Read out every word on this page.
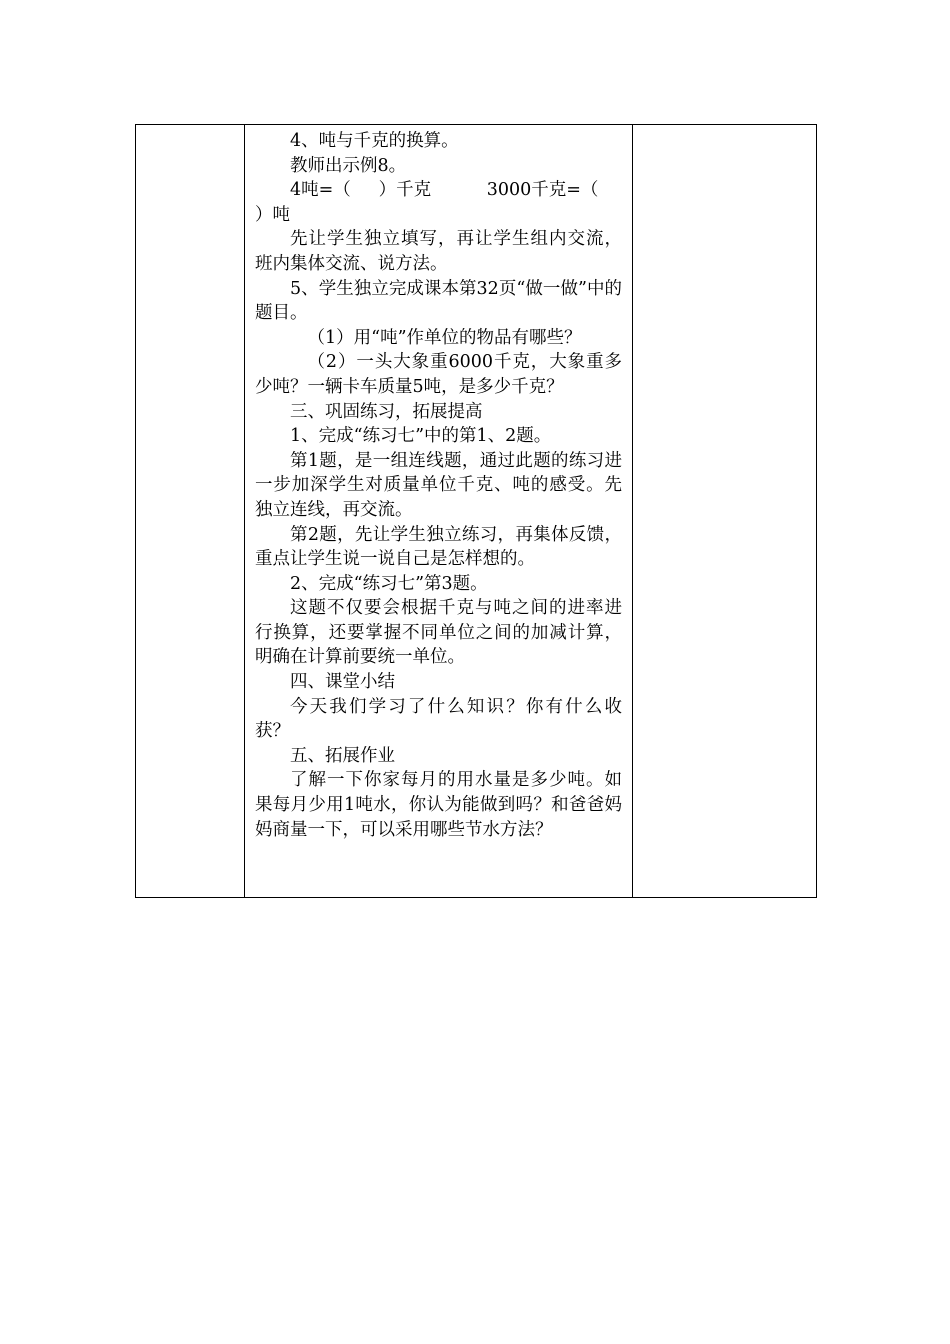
4、吨与千克的换算。

教师出示例8。

4吨=（     ）千克          3000千克=（

）吨

先让学生独立填写，再让学生组内交流，班内集体交流、说方法。

5、学生独立完成课本第32页“做一做”中的题目。

（1）用“吨”作单位的物品有哪些？

（2）一头大象重6000千克，大象重多少吨？一辆卡车质量5吨，是多少千克？

三、巩固练习，拓展提高

1、完成“练习七”中的第1、2题。

第1题，是一组连线题，通过此题的练习进一步加深学生对质量单位千克、吨的感受。先独立连线，再交流。

第2题，先让学生独立练习，再集体反馈，重点让学生说一说自己是怎样想的。

2、完成“练习七”第3题。

这题不仅要会根据千克与吨之间的进率进行换算，还要掌握不同单位之间的加减计算，明确在计算前要统一单位。

四、课堂小结

今天我们学习了什么知识？你有什么收获？

五、拓展作业

了解一下你家每月的用水量是多少吨。如果每月少用1吨水，你认为能做到吗？和爸爸妈妈商量一下，可以采用哪些节水方法？
